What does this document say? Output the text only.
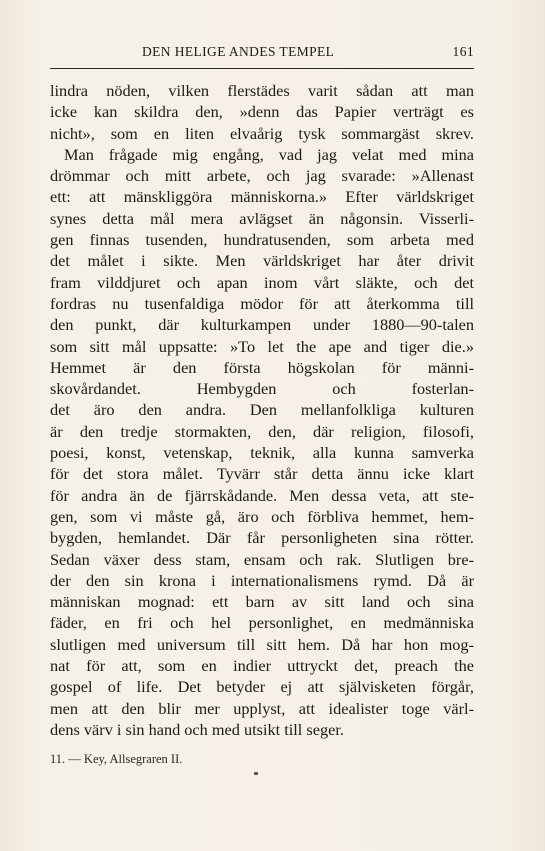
DEN HELIGE ANDES TEMPEL	161
lindra nöden, vilken flerstädes varit sådan att man
icke kan skildra den, »denn das Papier verträgt es
nicht», som en liten elvaårig tysk sommargäst skrev.
Man frågade mig engång, vad jag velat med mina
drömmar och mitt arbete, och jag svarade: »Allenast
ett: att mänskliggöra människorna.» Efter världskriget
synes detta mål mera avlägset än någonsin. Visserli-
gen finnas tusenden, hundratusenden, som arbeta med
det målet i sikte. Men världskriget har åter drivit
fram vilddjuret och apan inom vårt släkte, och det
fordras nu tusenfaldiga mödor för att återkomma till
den punkt, där kulturkampen under 1880—90-talen
som sitt mål uppsatte: »To let the ape and tiger die.»
Hemmet är den första högskolan för männi-
skovårdandet. Hembygden och fosterlan-
det äro den andra. Den mellanfolkliga kulturen
är den tredje stormakten, den, där religion, filosofi,
poesi, konst, vetenskap, teknik, alla kunna samverka
för det stora målet. Tyvärr står detta ännu icke klart
för andra än de fjärrskådande. Men dessa veta, att ste-
gen, som vi måste gå, äro och förbliva hemmet, hem-
bygden, hemlandet. Där får personligheten sina rötter.
Sedan växer dess stam, ensam och rak. Slutligen bre-
der den sin krona i internationalismens rymd. Då är
människan mognad: ett barn av sitt land och sina
fäder, en fri och hel personlighet, en medmänniska
slutligen med universum till sitt hem. Då har hon mog-
nat för att, som en indier uttryckt det, preach the
gospel of life. Det betyder ej att självisketen förgår,
men att den blir mer upplyst, att idealister toge värl-
dens värv i sin hand och med utsikt till seger.
11. — Key, Allsegraren II.
